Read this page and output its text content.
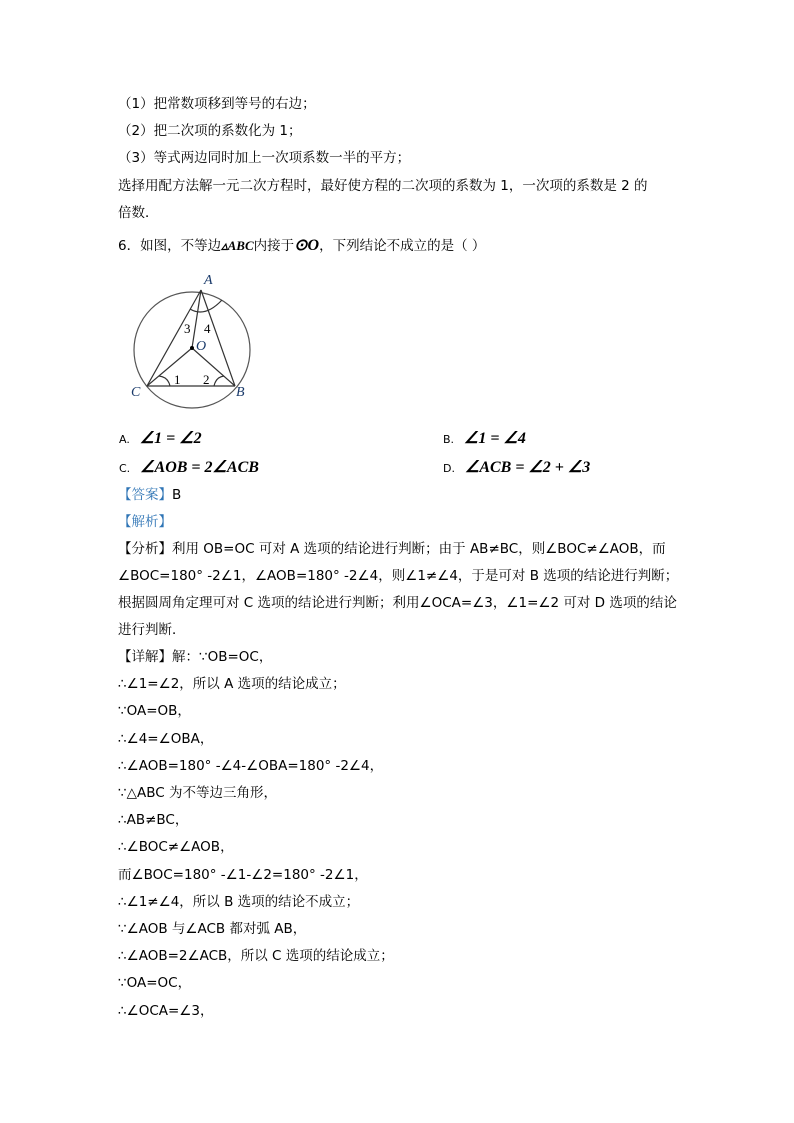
（1）把常数项移到等号的右边；
（2）把二次项的系数化为 1；
（3）等式两边同时加上一次项系数一半的平方；
选择用配方法解一元二次方程时，最好使方程的二次项的系数为 1，一次项的系数是 2 的
倍数．
6．如图，不等边▵ABC内接于⊙O，下列结论不成立的是（ ）
A
C	B
O
1 2
3 4
A. ∠1 = ∠2	B. ∠1 = ∠4
C. ∠AOB = 2∠ACB	D. ∠ACB = ∠2 + ∠3
【答案】B
【解析】
【分析】利用 OB=OC 可对 A 选项的结论进行判断；由于 AB≠BC，则∠BOC≠∠AOB，而
∠BOC=180° -2∠1，∠AOB=180° -2∠4，则∠1≠∠4，于是可对 B 选项的结论进行判断；
根据圆周角定理可对 C 选项的结论进行判断；利用∠OCA=∠3，∠1=∠2 可对 D 选项的结论
进行判断．
【详解】解：∵OB=OC，
∴∠1=∠2，所以 A 选项的结论成立；
∵OA=OB，
∴∠4=∠OBA，
∴∠AOB=180° -∠4-∠OBA=180° -2∠4，
∵△ABC 为不等边三角形，
∴AB≠BC，
∴∠BOC≠∠AOB，
而∠BOC=180° -∠1-∠2=180° -2∠1，
∴∠1≠∠4，所以 B 选项的结论不成立；
∵∠AOB 与∠ACB 都对弧 AB，
∴∠AOB=2∠ACB，所以 C 选项的结论成立；
∵OA=OC，
∴∠OCA=∠3，
